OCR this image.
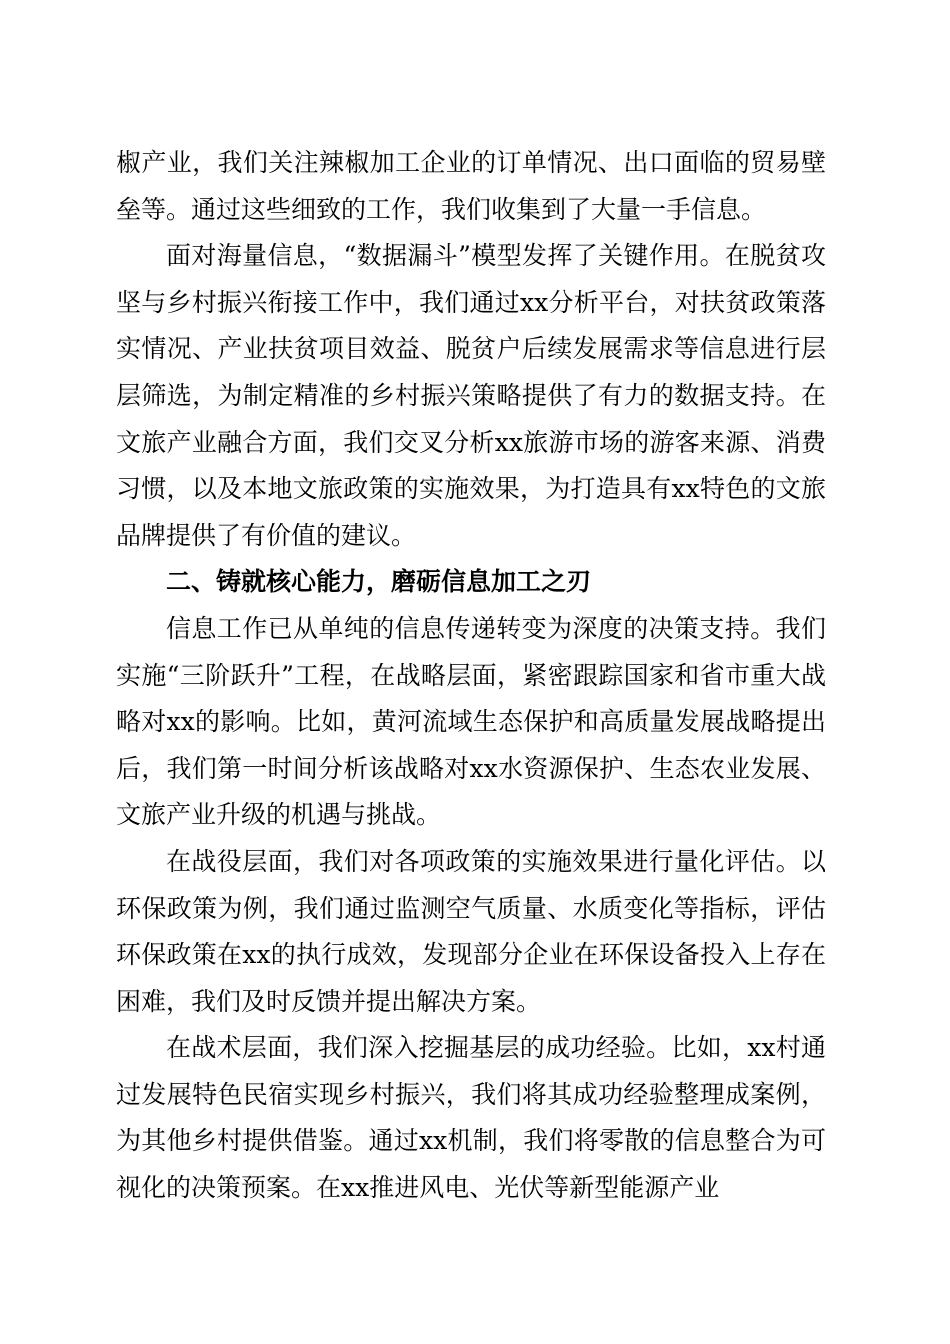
椒产业，我们关注辣椒加工企业的订单情况、出口面临的贸易壁垒等。通过这些细致的工作，我们收集到了大量一手信息。

面对海量信息，“数据漏斗”模型发挥了关键作用。在脱贫攻坚与乡村振兴衔接工作中，我们通过xx分析平台，对扶贫政策落实情况、产业扶贫项目效益、脱贫户后续发展需求等信息进行层层筛选，为制定精准的乡村振兴策略提供了有力的数据支持。在文旅产业融合方面，我们交叉分析xx旅游市场的游客来源、消费习惯，以及本地文旅政策的实施效果，为打造具有xx特色的文旅品牌提供了有价值的建议。

二、铸就核心能力，磨砺信息加工之刃

信息工作已从单纯的信息传递转变为深度的决策支持。我们实施“三阶跃升”工程，在战略层面，紧密跟踪国家和省市重大战略对xx的影响。比如，黄河流域生态保护和高质量发展战略提出后，我们第一时间分析该战略对xx水资源保护、生态农业发展、文旅产业升级的机遇与挑战。

在战役层面，我们对各项政策的实施效果进行量化评估。以环保政策为例，我们通过监测空气质量、水质变化等指标，评估环保政策在xx的执行成效，发现部分企业在环保设备投入上存在困难，我们及时反馈并提出解决方案。

在战术层面，我们深入挖掘基层的成功经验。比如，xx村通过发展特色民宿实现乡村振兴，我们将其成功经验整理成案例，为其他乡村提供借鉴。通过xx机制，我们将零散的信息整合为可视化的决策预案。在xx推进风电、光伏等新型能源产业
